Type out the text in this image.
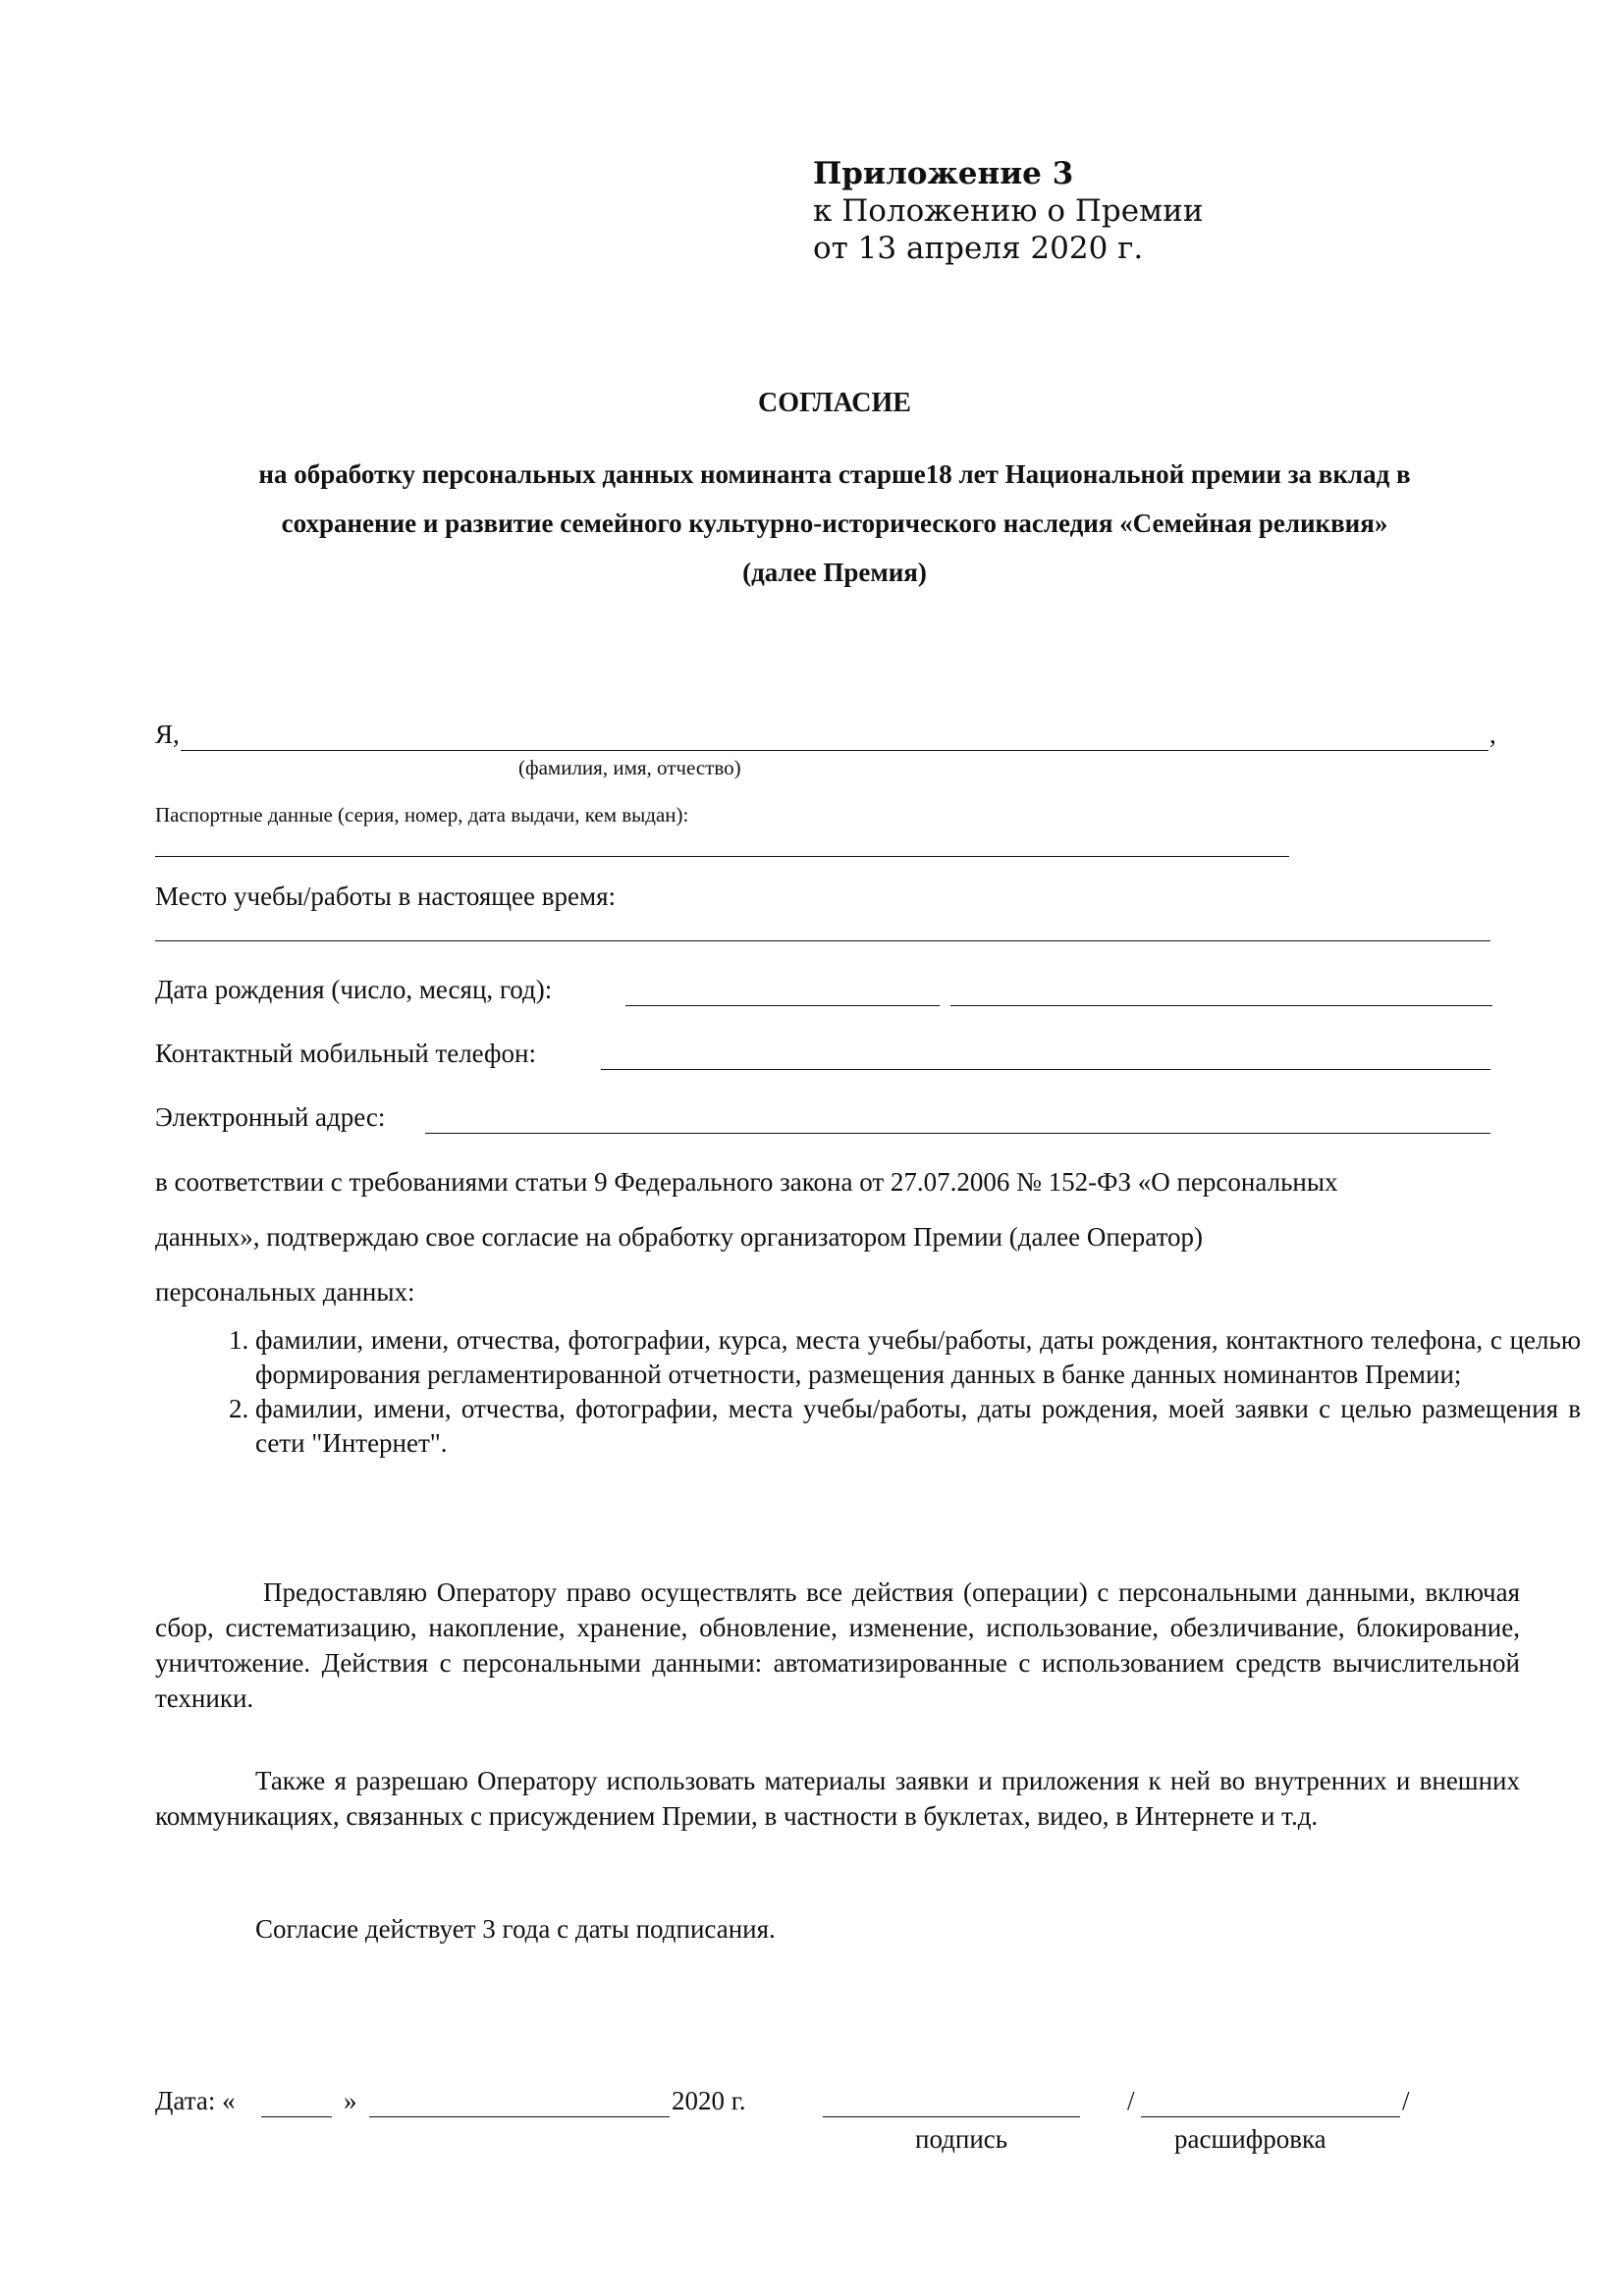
Приложение 3
к Положению о Премии
от 13 апреля 2020 г.
СОГЛАСИЕ
на обработку персональных данных номинанта старше18 лет Национальной премии за вклад в
сохранение и развитие семейного культурно-исторического наследия «Семейная реликвия»
(далее Премия)
Я,	,
(фамилия, имя, отчество)
Паспортные данные (серия, номер, дата выдачи, кем выдан):
Место учебы/работы в настоящее время:
Дата рождения (число, месяц, год):
Контактный мобильный телефон:
Электронный адрес:
в соответствии с требованиями статьи 9 Федерального закона от 27.07.2006 № 152-ФЗ «О персональных
данных», подтверждаю свое согласие на обработку организатором Премии (далее Оператор)
персональных данных:
1. фамилии, имени, отчества, фотографии, курса, места учебы/работы, даты рождения, контактного телефона, с целью формирования регламентированной отчетности, размещения данных в банке данных номинантов Премии;
2. фамилии, имени, отчества, фотографии, места учебы/работы, даты рождения, моей заявки с целью размещения в сети "Интернет".
Предоставляю Оператору право осуществлять все действия (операции) с персональными данными, включая сбор, систематизацию, накопление, хранение, обновление, изменение, использование, обезличивание, блокирование, уничтожение. Действия с персональными данными: автоматизированные с использованием средств вычислительной техники.
Также я разрешаю Оператору использовать материалы заявки и приложения к ней во внутренних и внешних коммуникациях, связанных с присуждением Премии, в частности в буклетах, видео, в Интернете и т.д.
Согласие действует 3 года с даты подписания.
Дата: «	»	2020 г.	/	/
подпись	расшифровка
